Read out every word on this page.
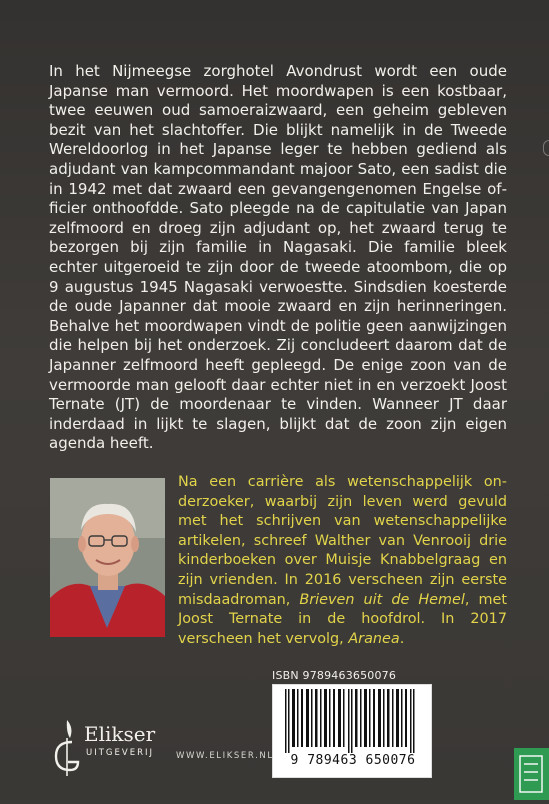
In het Nijmeegse zorghotel Avondrust wordt een oude Japanse man vermoord. Het moordwapen is een kostbaar, twee eeuwen oud samoeraizwaard, een geheim gebleven bezit van het slachtoffer. Die blijkt namelijk in de Tweede Wereldoorlog in het Japanse leger te hebben gediend als adjudant van kampcommandant majoor Sato, een sadist die in 1942 met dat zwaard een gevangengenomen Engelse officier onthoofdde. Sato pleegde na de capitulatie van Japan zelfmoord en droeg zijn adjudant op, het zwaard terug te bezorgen bij zijn familie in Nagasaki. Die familie bleek echter uitgeroeid te zijn door de tweede atoombom, die op 9 augustus 1945 Nagasaki verwoestte. Sindsdien koesterde de oude Japanner dat mooie zwaard en zijn herinneringen. Behalve het moordwapen vindt de politie geen aanwijzingen die helpen bij het onderzoek. Zij concludeert daarom dat de Japanner zelfmoord heeft gepleegd. De enige zoon van de vermoorde man gelooft daar echter niet in en verzoekt Joost Ternate (JT) de moordenaar te vinden. Wanneer JT daar inderdaad in lijkt te slagen, blijkt dat de zoon zijn eigen agenda heeft.

Na een carrière als wetenschappelijk onderzoeker, waarbij zijn leven werd gevuld met het schrijven van wetenschappelijke artikelen, schreef Walther van Venrooij drie kinderboeken over Muisje Knabbelgraag en zijn vrienden. In 2016 verscheen zijn eerste misdaadroman, Brieven uit de Hemel, met Joost Ternate in de hoofdrol. In 2017 verscheen het vervolg, Aranea.

ISBN 9789463650076
9 789463 650076
Elikser
UITGEVERIJ	WWW.ELIKSER.NL
